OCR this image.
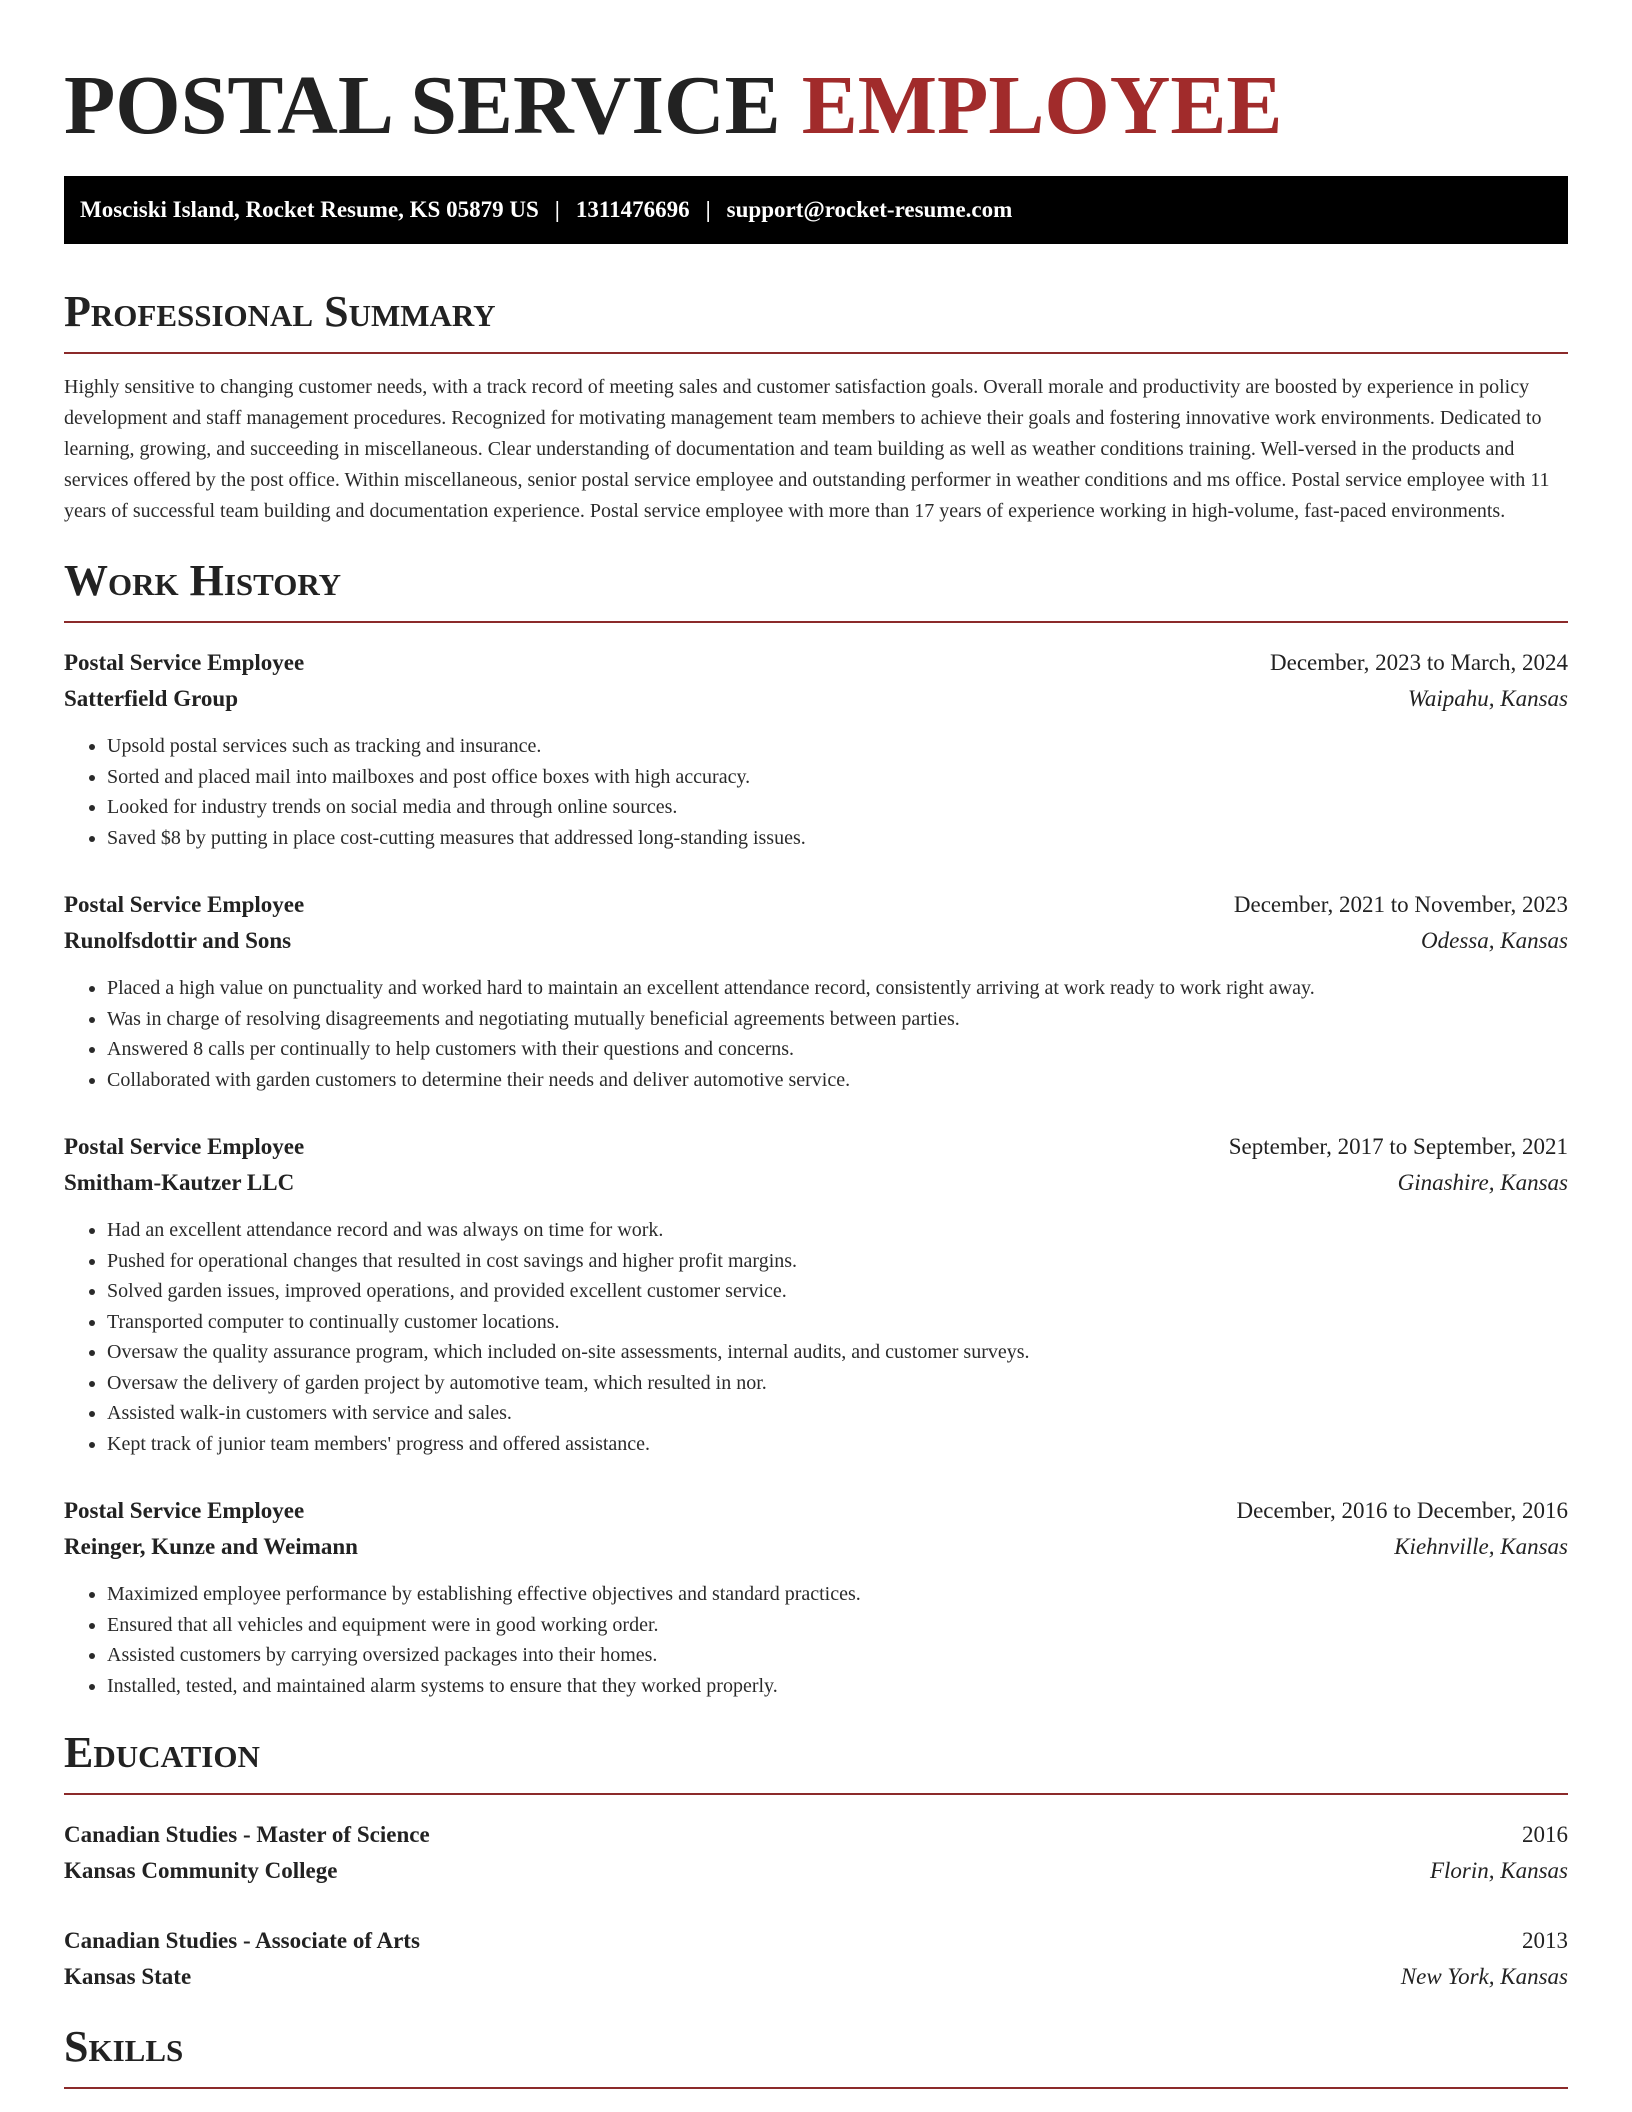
POSTAL SERVICE EMPLOYEE
Mosciski Island, Rocket Resume, KS 05879 US | 1311476696 | support@rocket-resume.com
Professional Summary

Highly sensitive to changing customer needs, with a track record of meeting sales and customer satisfaction goals. Overall morale and productivity are boosted by experience in policy development and staff management procedures. Recognized for motivating management team members to achieve their goals and fostering innovative work environments. Dedicated to learning, growing, and succeeding in miscellaneous. Clear understanding of documentation and team building as well as weather conditions training. Well-versed in the products and services offered by the post office. Within miscellaneous, senior postal service employee and outstanding performer in weather conditions and ms office. Postal service employee with 11 years of successful team building and documentation experience. Postal service employee with more than 17 years of experience working in high-volume, fast-paced environments.

Work History
Postal Service Employee	December, 2023 to March, 2024
Satterfield Group	Waipahu, Kansas
• Upsold postal services such as tracking and insurance.
• Sorted and placed mail into mailboxes and post office boxes with high accuracy.
• Looked for industry trends on social media and through online sources.
• Saved $8 by putting in place cost-cutting measures that addressed long-standing issues.
Postal Service Employee	December, 2021 to November, 2023
Runolfsdottir and Sons	Odessa, Kansas
• Placed a high value on punctuality and worked hard to maintain an excellent attendance record, consistently arriving at work ready to work right away.
• Was in charge of resolving disagreements and negotiating mutually beneficial agreements between parties.
• Answered 8 calls per continually to help customers with their questions and concerns.
• Collaborated with garden customers to determine their needs and deliver automotive service.
Postal Service Employee	September, 2017 to September, 2021
Smitham-Kautzer LLC	Ginashire, Kansas
• Had an excellent attendance record and was always on time for work.
• Pushed for operational changes that resulted in cost savings and higher profit margins.
• Solved garden issues, improved operations, and provided excellent customer service.
• Transported computer to continually customer locations.
• Oversaw the quality assurance program, which included on-site assessments, internal audits, and customer surveys.
• Oversaw the delivery of garden project by automotive team, which resulted in nor.
• Assisted walk-in customers with service and sales.
• Kept track of junior team members' progress and offered assistance.
Postal Service Employee	December, 2016 to December, 2016
Reinger, Kunze and Weimann	Kiehnville, Kansas
• Maximized employee performance by establishing effective objectives and standard practices.
• Ensured that all vehicles and equipment were in good working order.
• Assisted customers by carrying oversized packages into their homes.
• Installed, tested, and maintained alarm systems to ensure that they worked properly.
Education
Canadian Studies - Master of Science	2016
Kansas Community College	Florin, Kansas
Canadian Studies - Associate of Arts	2013
Kansas State	New York, Kansas
Skills
